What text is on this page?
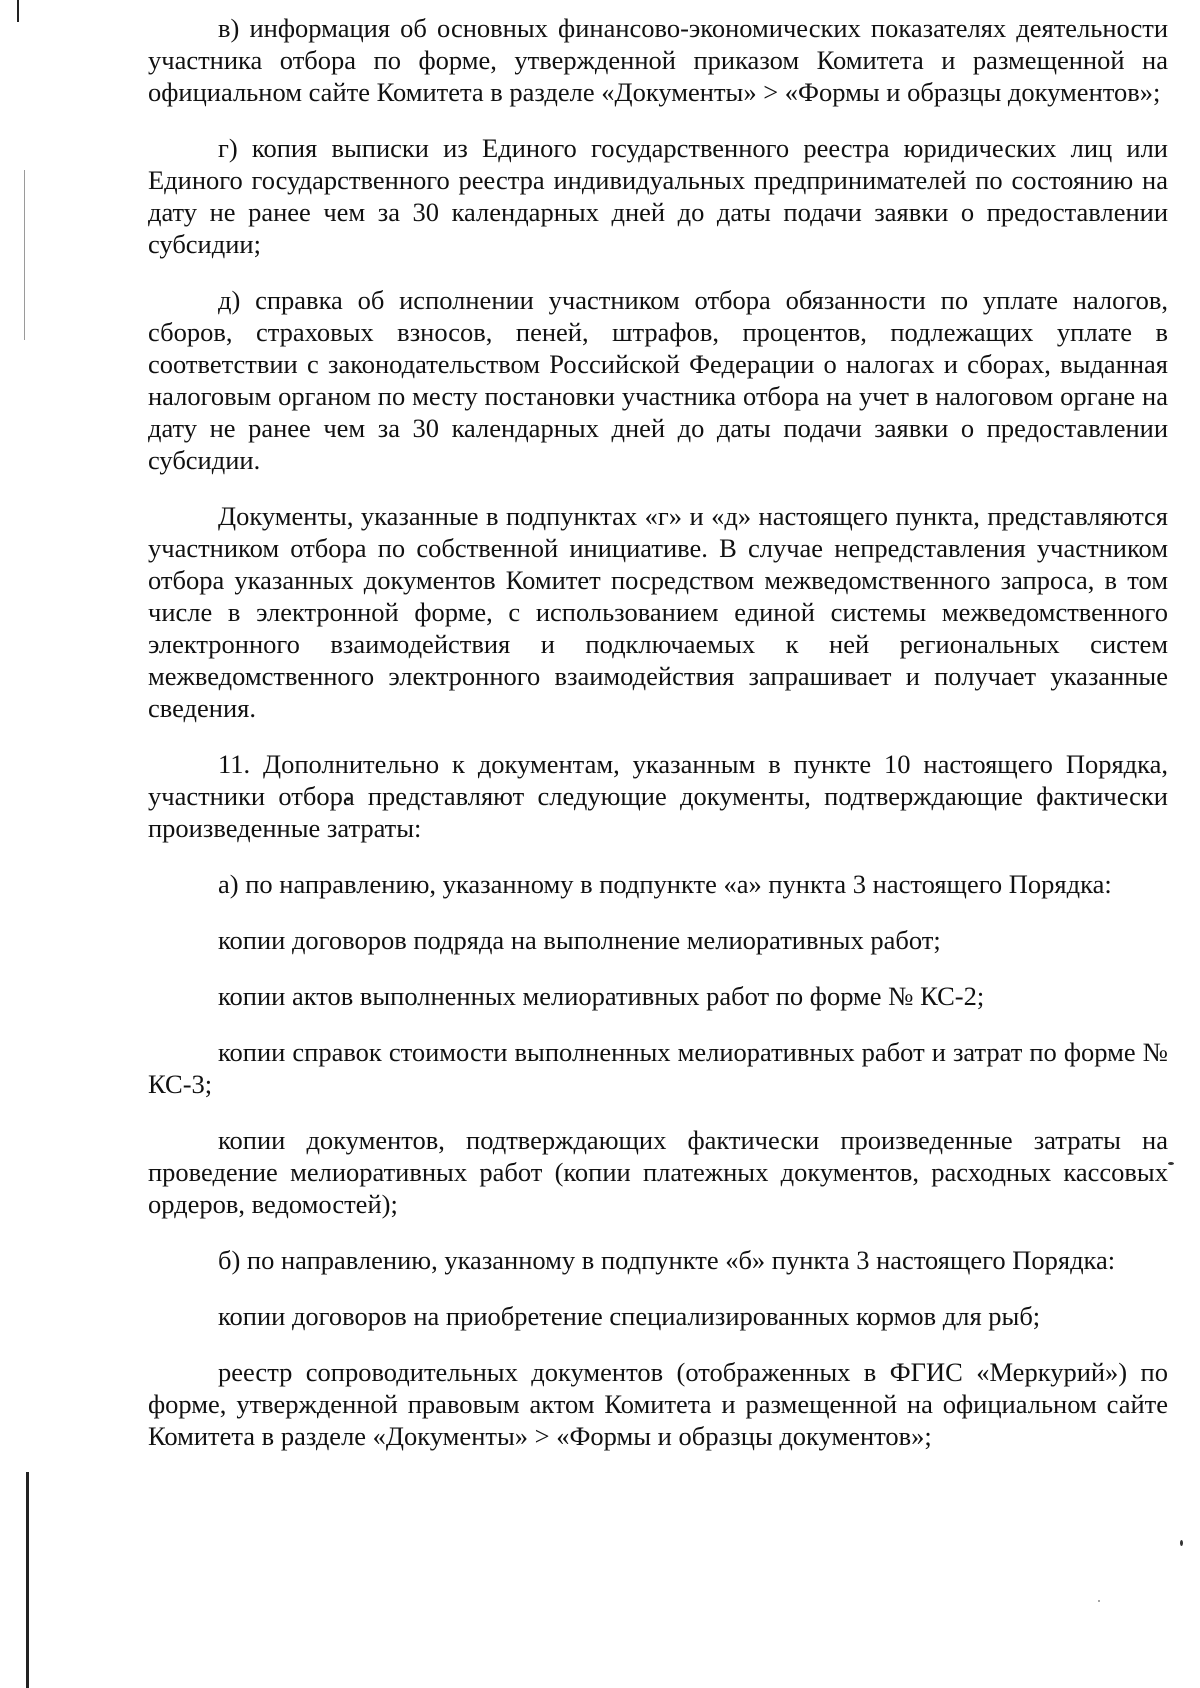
в) информация об основных финансово-экономических показателях деятельности участника отбора по форме, утвержденной приказом Комитета и размещенной на официальном сайте Комитета в разделе «Документы» > «Формы и образцы документов»;

г) копия выписки из Единого государственного реестра юридических лиц или Единого государственного реестра индивидуальных предпринимателей по состоянию на дату не ранее чем за 30 календарных дней до даты подачи заявки о предоставлении субсидии;

д) справка об исполнении участником отбора обязанности по уплате налогов, сборов, страховых взносов, пеней, штрафов, процентов, подлежащих уплате в соответствии с законодательством Российской Федерации о налогах и сборах, выданная налоговым органом по месту постановки участника отбора на учет в налоговом органе на дату не ранее чем за 30 календарных дней до даты подачи заявки о предоставлении субсидии.

Документы, указанные в подпунктах «г» и «д» настоящего пункта, представляются участником отбора по собственной инициативе. В случае непредставления участником отбора указанных документов Комитет посредством межведомственного запроса, в том числе в электронной форме, с использованием единой системы межведомственного электронного взаимодействия и подключаемых к ней региональных систем межведомственного электронного взаимодействия запрашивает и получает указанные сведения.

11. Дополнительно к документам, указанным в пункте 10 настоящего Порядка, участники отбора представляют следующие документы, подтверждающие фактически произведенные затраты:

а) по направлению, указанному в подпункте «а» пункта 3 настоящего Порядка:

копии договоров подряда на выполнение мелиоративных работ;

копии актов выполненных мелиоративных работ по форме № КС-2;

копии справок стоимости выполненных мелиоративных работ и затрат по форме № КС-3;

копии документов, подтверждающих фактически произведенные затраты на проведение мелиоративных работ (копии платежных документов, расходных кассовых ордеров, ведомостей);

б) по направлению, указанному в подпункте «б» пункта 3 настоящего Порядка:

копии договоров на приобретение специализированных кормов для рыб;

реестр сопроводительных документов (отображенных в ФГИС «Меркурий») по форме, утвержденной правовым актом Комитета и размещенной на официальном сайте Комитета в разделе «Документы» > «Формы и образцы документов»;
